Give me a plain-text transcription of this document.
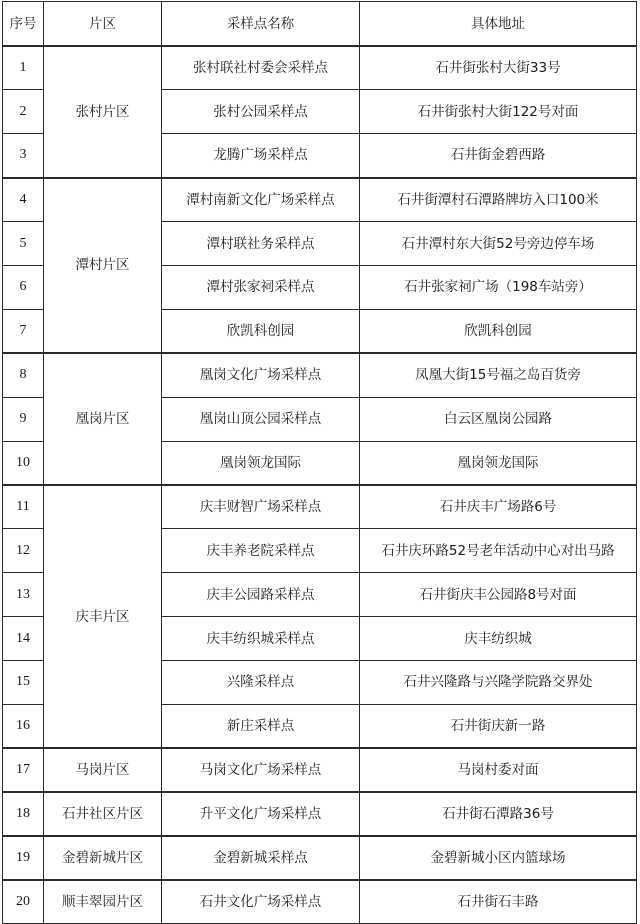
序号	片区	采样点名称	具体地址
1	张村片区	张村联社村委会采样点	石井街张村大街33号
2		张村公园采样点	石井街张村大街122号对面
3		龙腾广场采样点	石井街金碧西路
4	潭村片区	潭村南新文化广场采样点	石井街潭村石潭路牌坊入口100米
5		潭村联社务采样点	石井潭村东大街52号旁边停车场
6		潭村张家祠采样点	石井张家祠广场（198车站旁）
7		欣凯科创园	欣凯科创园
8	凰岗片区	凰岗文化广场采样点	凤凰大街15号福之岛百货旁
9		凰岗山顶公园采样点	白云区凰岗公园路
10		凰岗领龙国际	凰岗领龙国际
11	庆丰片区	庆丰财智广场采样点	石井庆丰广场路6号
12		庆丰养老院采样点	石井庆环路52号老年活动中心对出马路
13		庆丰公园路采样点	石井街庆丰公园路8号对面
14		庆丰纺织城采样点	庆丰纺织城
15		兴隆采样点	石井兴隆路与兴隆学院路交界处
16		新庄采样点	石井街庆新一路
17	马岗片区	马岗文化广场采样点	马岗村委对面
18	石井社区片区	升平文化广场采样点	石井街石潭路36号
19	金碧新城片区	金碧新城采样点	金碧新城小区内篮球场
20	顺丰翠园片区	石井文化广场采样点	石井街石丰路
